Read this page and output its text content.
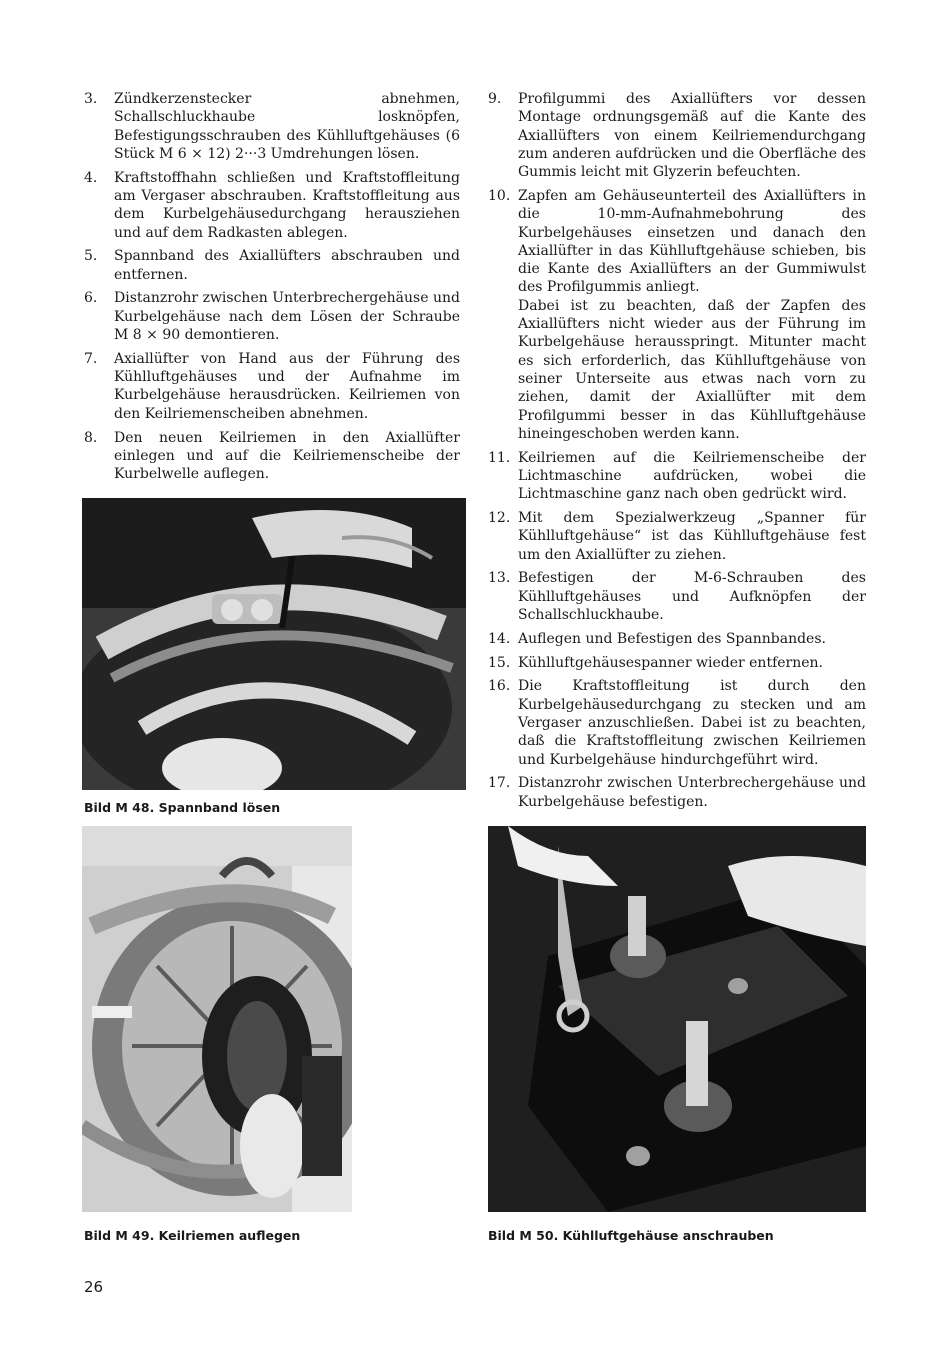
3.	Zündkerzenstecker abnehmen, Schallschluckhaube losknöpfen, Befestigungsschrauben des Kühlluftgehäuses (6 Stück M 6 × 12) 2···3 Umdrehungen lösen.

4.	Kraftstoffhahn schließen und Kraftstoffleitung am Vergaser abschrauben. Kraftstoffleitung aus dem Kurbelgehäusedurchgang herausziehen und auf dem Radkasten ablegen.

5.	Spannband des Axiallüfters abschrauben und entfernen.

6.	Distanzrohr zwischen Unterbrechergehäuse und Kurbelgehäuse nach dem Lösen der Schraube M 8 × 90 demontieren.

7.	Axiallüfter von Hand aus der Führung des Kühlluftgehäuses und der Aufnahme im Kurbelgehäuse herausdrücken. Keilriemen von den Keilriemenscheiben abnehmen.

8.	Den neuen Keilriemen in den Axiallüfter einlegen und auf die Keilriemenscheibe der Kurbelwelle auflegen.

9.	Profilgummi des Axiallüfters vor dessen Montage ordnungsgemäß auf die Kante des Axiallüfters von einem Keilriemendurchgang zum anderen aufdrücken und die Oberfläche des Gummis leicht mit Glyzerin befeuchten.

10. Zapfen am Gehäuseunterteil des Axiallüfters in die 10-mm-Aufnahmebohrung des Kurbelgehäuses einsetzen und danach den Axiallüfter in das Kühlluftgehäuse schieben, bis die Kante des Axiallüfters an der Gummiwulst des Profilgummis anliegt.

Dabei ist zu beachten, daß der Zapfen des Axiallüfters nicht wieder aus der Führung im Kurbelgehäuse herausspringt. Mitunter macht es sich erforderlich, das Kühlluftgehäuse von seiner Unterseite aus etwas nach vorn zu ziehen, damit der Axiallüfter mit dem Profilgummi besser in das Kühlluftgehäuse hineingeschoben werden kann.

11. Keilriemen auf die Keilriemenscheibe der Lichtmaschine aufdrücken, wobei die Lichtmaschine ganz nach oben gedrückt wird.

12. Mit dem Spezialwerkzeug „Spanner für Kühlluftgehäuse“ ist das Kühlluftgehäuse fest um den Axiallüfter zu ziehen.

13. Befestigen der M-6-Schrauben des Kühlluftgehäuses und Aufknöpfen der Schallschluckhaube.

14. Auflegen und Befestigen des Spannbandes.

15. Kühlluftgehäusespanner wieder entfernen.

16. Die Kraftstoffleitung ist durch den Kurbelgehäusedurchgang zu stecken und am Vergaser anzuschließen. Dabei ist zu beachten, daß die Kraftstoffleitung zwischen Keilriemen und Kurbelgehäuse hindurchgeführt wird.

17. Distanzrohr zwischen Unterbrechergehäuse und Kurbelgehäuse befestigen.

Bild M 48. Spannband lösen
Bild M 49. Keilriemen auflegen	Bild M 50. Kühlluftgehäuse anschrauben
26
